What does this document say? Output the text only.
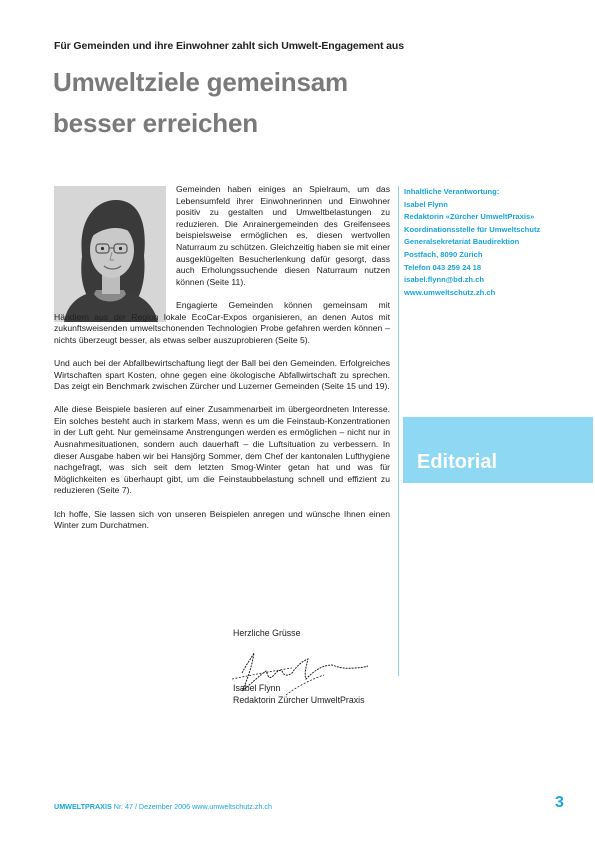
Für Gemeinden und ihre Einwohner zahlt sich Umwelt-Engagement aus
Umweltziele gemeinsam
besser erreichen

Gemeinden haben einiges an Spielraum, um das Lebensumfeld ihrer Einwohnerinnen und Einwohner positiv zu gestalten und Umweltbelastungen zu reduzieren. Die Anrainergemeinden des Greifensees beispielsweise ermöglichen es, diesen wertvollen Naturraum zu schützen. Gleichzeitig haben sie mit einer ausgeklügelten Besucherlenkung dafür gesorgt, dass auch Erholungssuchende diesen Naturraum nutzen können (Seite 11).

Engagierte Gemeinden können gemeinsam mit Händlern aus der Region lokale EcoCar-Expos organisieren, an denen Autos mit zukunftsweisenden umweltschonenden Technologien Probe gefahren werden können – nichts überzeugt besser, als etwas selber auszuprobieren (Seite 5).

Und auch bei der Abfallbewirtschaftung liegt der Ball bei den Gemeinden. Erfolgreiches Wirtschaften spart Kosten, ohne gegen eine ökologische Abfallwirtschaft zu sprechen. Das zeigt ein Benchmark zwischen Zürcher und Luzerner Gemeinden (Seite 15 und 19).

Alle diese Beispiele basieren auf einer Zusammenarbeit im übergeordneten Interesse. Ein solches besteht auch in starkem Mass, wenn es um die Feinstaub-Konzentrationen in der Luft geht. Nur gemeinsame Anstrengungen werden es ermöglichen – nicht nur in Ausnahmesituationen, sondern auch dauerhaft – die Luftsituation zu verbessern. In dieser Ausgabe haben wir bei Hansjörg Sommer, dem Chef der kantonalen Lufthygiene nachgefragt, was sich seit dem letzten Smog-Winter getan hat und was für Möglichkeiten es überhaupt gibt, um die Feinstaubbelastung schnell und effizient zu reduzieren (Seite 7).

Ich hoffe, Sie lassen sich von unseren Beispielen anregen und wünsche Ihnen einen Winter zum Durchatmen.

Inhaltliche Verantwortung:
Isabel Flynn
Redaktorin «Zürcher UmweltPraxis»
Koordinationsstelle für Umweltschutz
Generalsekretariat Baudirektion
Postfach, 8090 Zürich
Telefon 043 259 24 18
isabel.flynn@bd.zh.ch
www.umweltschutz.zh.ch
Editorial
Herzliche Grüsse
Isabel Flynn
Redaktorin Zürcher UmweltPraxis
UMWELTPRAXIS Nr. 47 / Dezember 2006 www.umweltschutz.zh.ch	3
